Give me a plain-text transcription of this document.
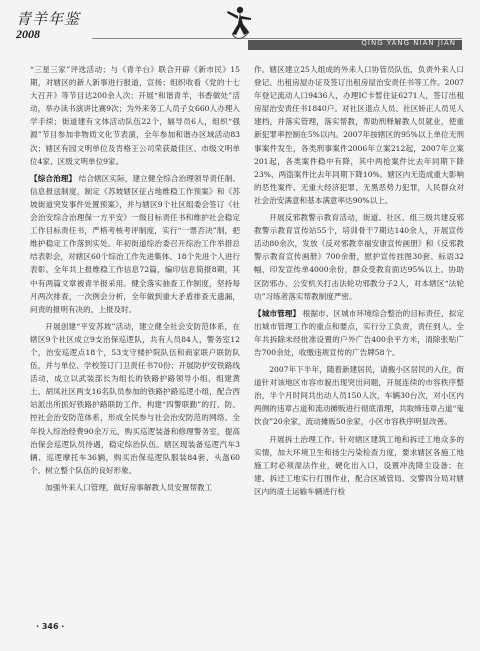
青羊年鉴
2008
QING YANG NIAN JIAN

“三星三家”评选活动；与《青羊台》联合开辟《新市民》15期，对辖区的新人新事进行报道，宣扬；组织收看《党的十七大召开》等节目达200余人次；开展“和谐青羊，书香做处”活动，举办读书演讲比赛9次；为外来务工人员子女660人办理入学手续；街道建有文体活动队伍22个，辐导员6人，组织“强源”节目参加非物质文化节表演，全年参加和谐办区域活动83次；辖区有园文明单位及肯格王公司荣获最佳区、市级文明单位4家、区级文明单位9家。

【综合治理】 结合辖区实际，建立健全综合治理领导责任制、信息报送制度，制定《苏坡辖区征占地维稳工作预案》和《苏坡街道突发事件处置预案》，并与辖区9个社区组委会签订《社会治安综合治理保一方平安》一级目标责任书和维护社会稳定工作目标责任书，严格考核考评制度，实行“一票否决”制，把维护稳定工作落到实处。年初街道综治委召开综治工作举措总结表彰会，对辖区60个综治工作先进集体、18个先进个人进行表彰。全年共上报维稳工作信息72篇，编印信息简报8期，其中有两篇文章被青羊报采用。健全落实抽查工作制度，坚持每月两次排查，一次例会分析，全年做到重大矛盾排查无遗漏，问责的报明有决的，上报及时。

开展创建“平安苏坡”活动，建立健全社会安防范体系，在辖区9个社区成立9支治保巡逻队，共有人员84人，警务室12个，治安巡逻点18个，53支守楼护院队伍和商家联户联防队伍，并与单位、学校签订门卫责任书70份；开展防护安铁路线活动，成立以武装部长为组长的铁路护路领导小组，组建黄土、胡凤社区两支16名队员参加的铁路护路巡逻小组，配合西站派出所抓好铁路护路联防工作。构建“四警联勤”的打、防、控社会治安防范体系，形成全民参与社会治安防范的网络。全年投入综治经费90余万元，购买巡逻装备和修理警务室，提高治保会巡逻队员待遇，稳定综治队伍。辖区现装备巡逻汽车3辆、巡逻摩托车36辆，购买治保巡逻队服装84套、头盔60个、树立整个队伍的良好形象。

加强外来人口管理，做好房事解教人员安置帮教工

作。辖区建立25人组成的外来人口协管员队伍，负责外来人口登记、出租房屋办证及签订出租房屋治安责任书等工作。2007年登记流动人口9436人，办理IC卡暂住证6271人，签订出租房屋治安责任书1840户。对社区退点人员、社区矫正人员见人建档，并落实管理，落实帮教，帮助刑释解教人员就业，使重新犯罪率控制在5%以内。2007年按辖区的95%以上单位无刑事案件发生，各类刑事案件2006年立案212起，2007年立案201起，各类案件稳中有降，其中两抢案件比去年同期下降23%、两盗案件比去年同期下降10%。辖区内无造成重大影响的恶性案件、无重大经济犯罪、无黑恶势力犯罪，人民群众对社会治安满意和基本满意率达90%以上。

开展反邪教警示教育活动，街道、社区、组三级共建反邪教警示教育宣传站55个，培训骨干7期达140余人，开展宣传活动80余次，发放《反对邪教幸福安康宣传画册》和《反邪教警示教育宣传画册》700余册，慰护宣传挂图30套、标语32幅，印发宣传单4000余份，群众受教育面达95%以上。协助区防邪办、公安机关打击法轮功邪教分子2人，对本辖区“法轮功”习练者落实帮教制度严密。

【城市管理】 根据市、区城市环境综合整治的目标责任，拟定出城市管理工作的重点和要点，实行分工负责，责任到人。全年共拆除未经批准设置的户外广告400余平方米，清除张贴广告700余处，收缴违规宣传的广告牌58个。

2007年下半年，随着新建居民，请搬小区居民的入住，街道针对该地区市容市貌出现突出问题，开展连续的市容秩序整治，半个月时间共出动人员150人次，车辆30台次，对小区内两侧的违章占道和流动摊贩进行彻底清理，共取缔违章占道“鬼饮食”20余家，流动摊贩50余家，小区市容秩序明显改善。

开展拆土治理工作。针对辖区建筑工地和拆迁工地众多的实情，加大环境卫生和扬尘污染检查力度，要求辖区各施工地施工时必须湿法作业，硬化出入口，设置冲洗降尘设备；在建、拆迁工地实行打围作业，配合区城管局、交警四分局对辖区内的渣土运输车辆进行检

· 346 ·
